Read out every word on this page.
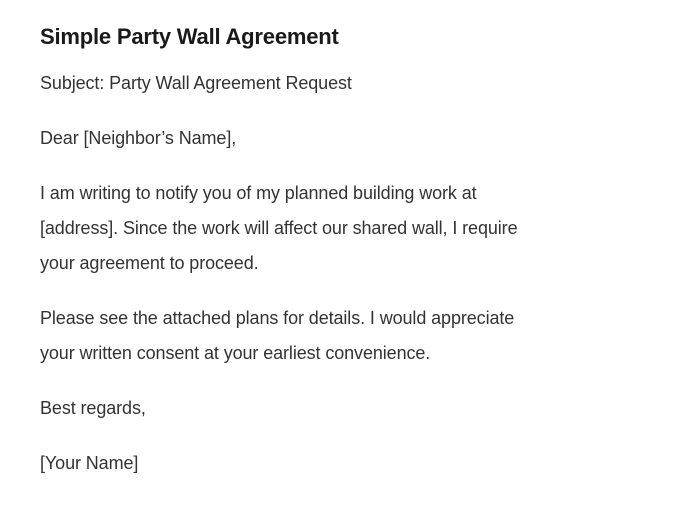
Simple Party Wall Agreement

Subject: Party Wall Agreement Request

Dear [Neighbor’s Name],

I am writing to notify you of my planned building work at
[address]. Since the work will affect our shared wall, I require
your agreement to proceed.

Please see the attached plans for details. I would appreciate
your written consent at your earliest convenience.

Best regards,

[Your Name]
